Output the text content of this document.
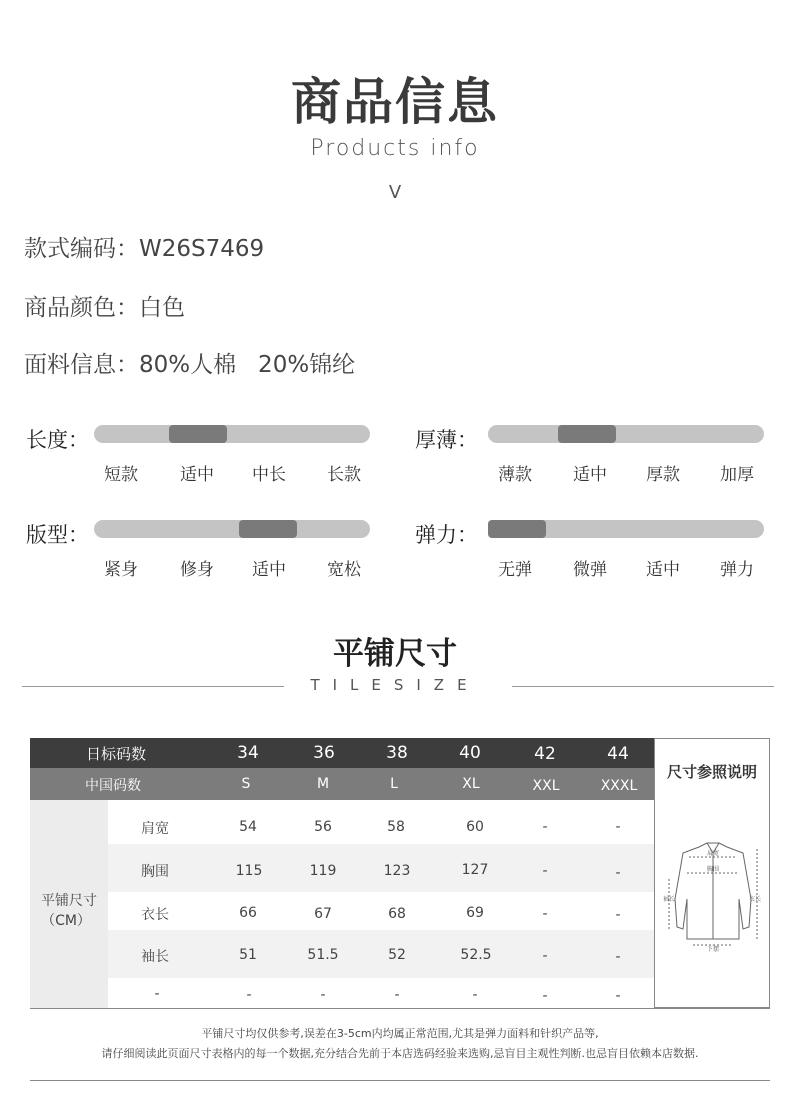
商品信息
Products info
V
款式编码：W26S7469
商品颜色：白色
面料信息：80%人棉   20%锦纶
长度：
短款 适中 中长 长款
厚薄：
薄款 适中 厚款 加厚
版型：
紧身 修身 适中 宽松
弹力：
无弹 微弹 适中 弹力
平铺尺寸
TILESIZE
日标码数	34	36	38	40	42	44
中国码数	S	M	L	XL	XXL	XXXL
平铺尺寸
（CM）
肩宽	54	56	58	60	-	-
胸围	115	119	123	127	-	-
衣长	66	67	68	69	-	-
袖长	51	51.5	52	52.5	-	-
-	-	-	-	-	-	-
尺寸参照说明
肩宽
胸围
袖长	衣长
下摆

平铺尺寸均仅供参考,误差在3-5cm内均属正常范围,尤其是弹力面料和针织产品等,

请仔细阅读此页面尺寸表格内的每一个数据,充分结合先前于本店选码经验来选购,忌盲目主观性判断.也忌盲目依赖本店数据.
